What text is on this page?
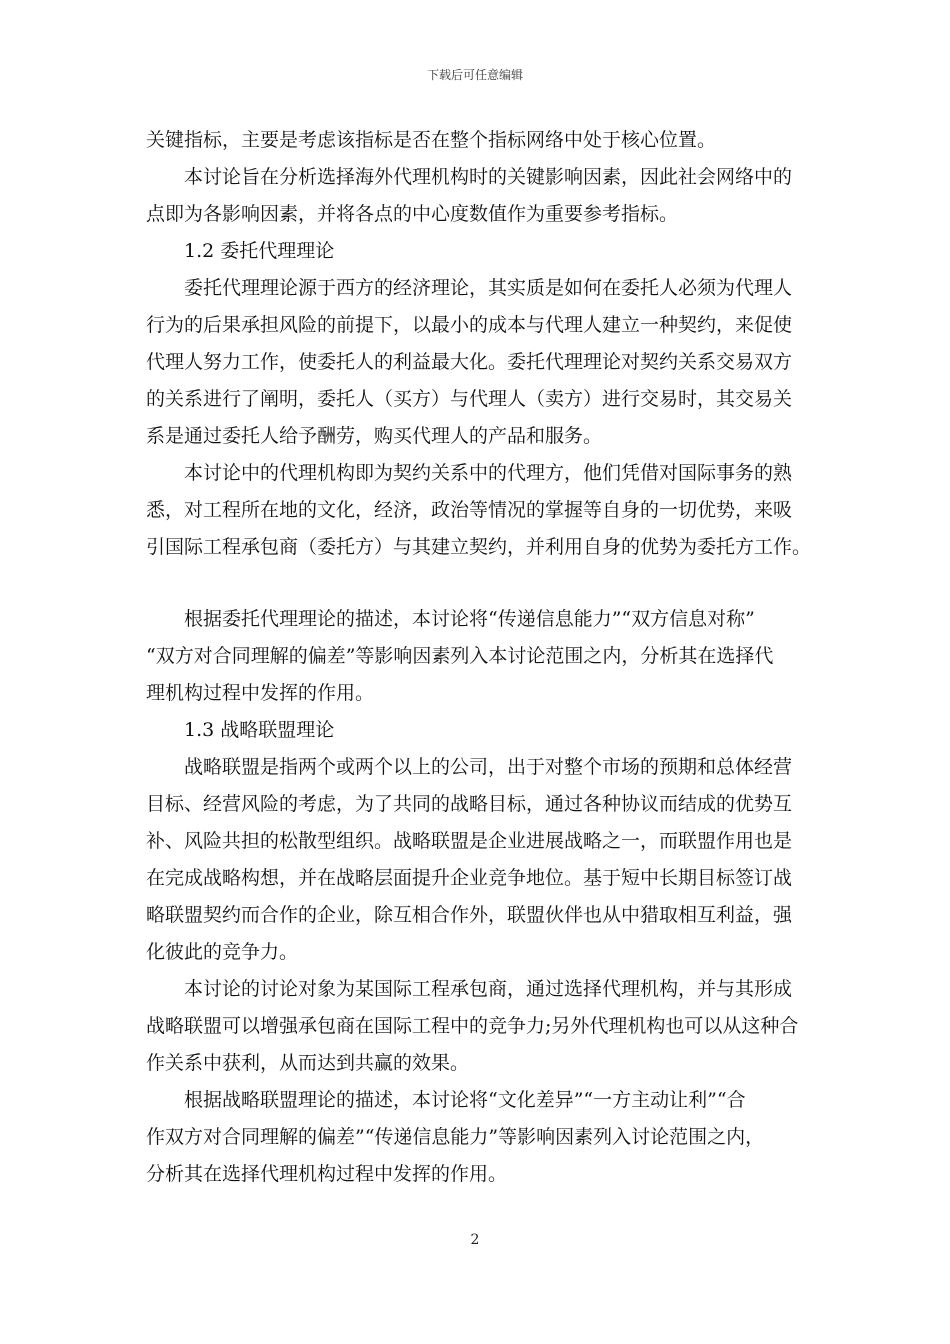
下载后可任意编辑
关键指标，主要是考虑该指标是否在整个指标网络中处于核心位置。
本讨论旨在分析选择海外代理机构时的关键影响因素，因此社会网络中的
点即为各影响因素，并将各点的中心度数值作为重要参考指标。
1.2 委托代理理论
委托代理理论源于西方的经济理论，其实质是如何在委托人必须为代理人
行为的后果承担风险的前提下，以最小的成本与代理人建立一种契约，来促使
代理人努力工作，使委托人的利益最大化。委托代理理论对契约关系交易双方
的关系进行了阐明，委托人（买方）与代理人（卖方）进行交易时，其交易关
系是通过委托人给予酬劳，购买代理人的产品和服务。
本讨论中的代理机构即为契约关系中的代理方，他们凭借对国际事务的熟
悉，对工程所在地的文化，经济，政治等情况的掌握等自身的一切优势，来吸
引国际工程承包商（委托方）与其建立契约，并利用自身的优势为委托方工作。
根据委托代理理论的描述，本讨论将“传递信息能力”“双方信息对称”
“双方对合同理解的偏差”等影响因素列入本讨论范围之内，分析其在选择代
理机构过程中发挥的作用。
1.3 战略联盟理论
战略联盟是指两个或两个以上的公司，出于对整个市场的预期和总体经营
目标、经营风险的考虑，为了共同的战略目标，通过各种协议而结成的优势互
补、风险共担的松散型组织。战略联盟是企业进展战略之一，而联盟作用也是
在完成战略构想，并在战略层面提升企业竞争地位。基于短中长期目标签订战
略联盟契约而合作的企业，除互相合作外，联盟伙伴也从中猎取相互利益，强
化彼此的竞争力。
本讨论的讨论对象为某国际工程承包商，通过选择代理机构，并与其形成
战略联盟可以增强承包商在国际工程中的竞争力;另外代理机构也可以从这种合
作关系中获利，从而达到共赢的效果。
根据战略联盟理论的描述，本讨论将“文化差异”“一方主动让利”“合
作双方对合同理解的偏差”“传递信息能力”等影响因素列入讨论范围之内，
分析其在选择代理机构过程中发挥的作用。
2
